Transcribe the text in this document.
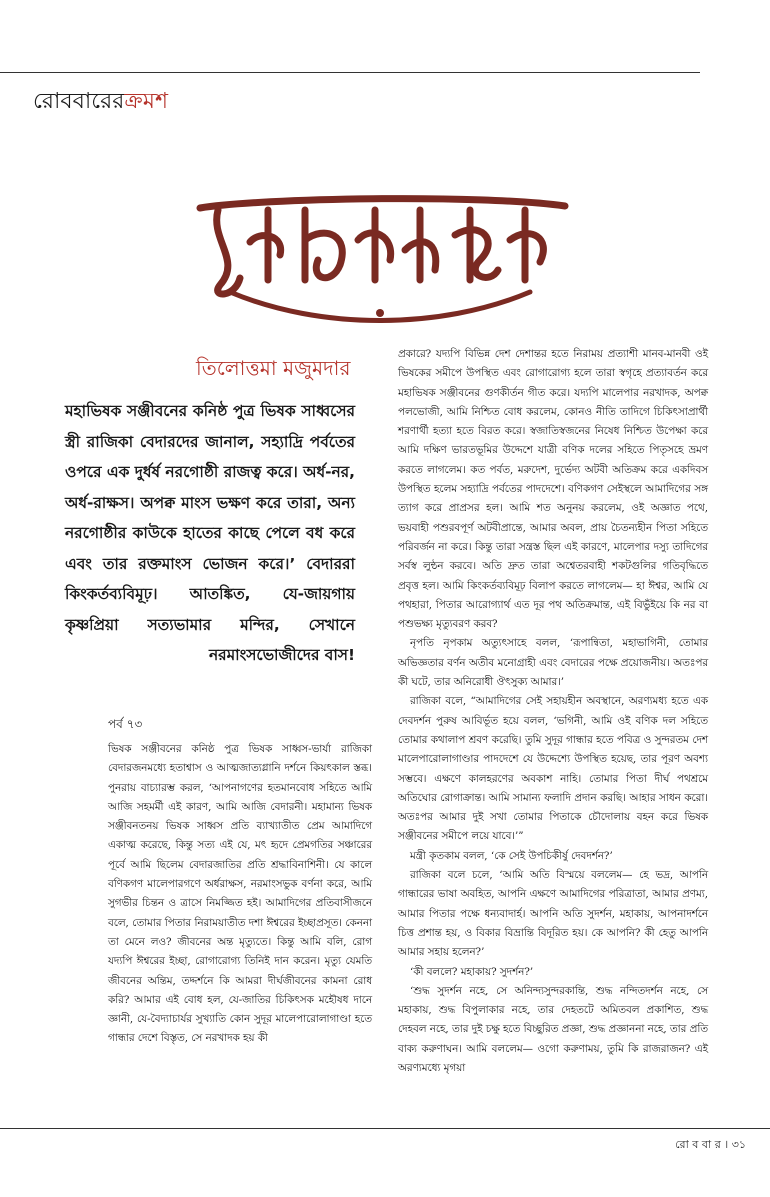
রোববারেরক্রমশ
তিলোত্তমা মজুমদার
মহাভিষক সঞ্জীবনের কনিষ্ঠ পুত্র ভিষক সাধ্বসের স্ত্রী রাজিকা বেদারদের জানাল, সহ্যাদ্রি পর্বতের ওপরে এক দুর্ধর্ষ নরগোষ্ঠী রাজত্ব করে। অর্ধ-নর, অর্ধ-রাক্ষস। অপক্ব মাংস ভক্ষণ করে তারা, অন্য নরগোষ্ঠীর কাউকে হাতের কাছে পেলে বধ করে এবং তার রক্তমাংস ভোজন করে।’ বেদাররা কিংকর্তব্যবিমূঢ়। আতঙ্কিত, যে-জায়গায় কৃষ্ণপ্রিয়া সত্যভামার মন্দির, সেখানে নরমাংসভোজীদের বাস!
পর্ব ৭৩

ভিষক সঞ্জীবনের কনিষ্ঠ পুত্র ভিষক সাধ্বস-ভার্যা রাজিকা বেদারজনমধ্যে হতাশ্বাস ও আত্মজাত্যগ্লানি দর্শনে কিয়ৎকাল স্তব্ধ। পুনরায় বাচ্যারম্ভ করল, ‘আপনাগণের হতমানবোধ সহিতে আমি আজি সহমর্মী এই কারণ, আমি আজি বেদারনী। মহামান্য ভিষক সঞ্জীবনতনয় ভিষক সাধ্বস প্রতি ব্যাখ্যাতীত প্রেম আমাদিগে একাত্ম করেছে, কিন্তু সত্য এই যে, মৎ হৃদে প্রেমগতির সঞ্চারের পূর্বে আমি ছিলেম বেদারজাতির প্রতি শ্রদ্ধাবিনাশিনী। যে কালে বণিকগণ মালেপারগণে অর্ধরাক্ষস, নরমাংসভুক বর্ণনা করে, আমি সুগভীর চিন্তন ও ত্রাসে নিমজ্জিত হই। আমাদিগের প্রতিবাসীজনে বলে, তোমার পিতার নিরাময়াতীত দশা ঈশ্বরের ইচ্ছাপ্রসূত। কেননা তা মেনে লও? জীবনের অন্ত মৃত্যুতে। কিন্তু আমি বলি, রোগ যদ্যপি ঈশ্বরের ইচ্ছা, রোগারোগ্য তিনিই দান করেন। মৃত্যু যেমতি জীবনের অন্তিম, তদ্দর্শনে কি আমরা দীর্ঘজীবনের কামনা রোধ করি? আমার এই বোধ হল, যে-জাতির চিকিৎসক মহৌষধ দানে জ্ঞানী, যে-বৈদ্যাচার্যর সুখ্যাতি কোন সুদূর মালেপারোলাগাণ্ডা হতে গান্ধার দেশে বিস্তৃত, সে নরখাদক হয় কী

প্রকারে? যদ্যপি বিভিন্ন দেশ দেশান্তর হতে নিরাময় প্রত্যাশী মানব-মানবী ওই ভিষকের সমীপে উপস্থিত এবং রোগারোগ্য হলে তারা স্বগৃহে প্রত্যাবর্তন করে মহাভিষক সঞ্জীবনের গুণকীর্তন গীত করে। যদ্যপি মালেপার নরখাদক, অপক্ব পলভোজী, আমি নিশ্চিত বোধ করলেম, কোনও নীতি তাদিগে চিকিৎসাপ্রার্থী শরণার্থী হত্যা হতে বিরত করে। স্বজাতিস্বজনের নিষেধ নিশ্চিত উপেক্ষা করে আমি দক্ষিণ ভারতভূমির উদ্দেশে যাত্রী বণিক দলের সহিতে পিতৃসহে ভ্রমণ করতে লাগলেম। কত পর্বত, মরুদেশ, দুর্ভেদ্য অটবী অতিক্রম করে একদিবস উপস্থিত হলেম সহ্যাদ্রি পর্বতের পাদদেশে। বণিকগণ সেইস্থলে আমাদিগের সঙ্গ ত্যাগ করে প্রাপ্রসর হল। আমি শত অনুনয় করলেম, ওই অজ্ঞাত পথে, ভয়বাহী পশুরবপূর্ণ অটবীপ্রান্তে, আমার অবল, প্রায় চৈতন্যহীন পিতা সহিতে পরিবর্জন না করে। কিন্তু তারা সন্ত্রস্ত ছিল এই কারণে, মালেপার দস্যু তাদিগের সর্বস্ব লুন্ঠন করবে। অতি দ্রুত তারা অশ্বেতরবাহী শকটগুলির গতিবৃদ্ধিতে প্রবৃত্ত হল। আমি কিংকর্তব্যবিমূঢ় বিলাপ করতে লাগলেম— হা ঈশ্বর, আমি যে পথহারা, পিতার আরোগ্যার্থ এত দূর পথ অতিক্রমান্ত, এই বিভুঁইয়ে কি নর বা পশুভক্ষ্য মৃত্যুবরণ করব?

নৃপতি নৃপকাম অত্যুৎসাহে বলল, ‘রূপান্বিতা, মহাভাগিনী, তোমার অভিজ্ঞতার বর্ণন অতীব মনোগ্রাহী এবং বেদারের পক্ষে প্রয়োজনীয়। অতঃপর কী ঘটে, তার অনিরোধী ঔৎসুক্য আমার।’

রাজিকা বলে, “আমাদিগের সেই সহায়হীন অবস্থানে, অরণ্যমধ্য হতে এক দেবদর্শন পুরুষ আবির্ভূত হয়ে বলল, ‘ভগিনী, আমি ওই বণিক দল সহিতে তোমার কথালাপ শ্রবণ করেছি। তুমি সুদূর গান্ধার হতে পবিত্র ও সুন্দরতম দেশ মালেপারোলাগাণ্ডার পাদদেশে যে উদ্দেশ্যে উপস্থিত হয়েছ, তার পূরণ অবশ্য সম্ভবে। এক্ষণে কালহরণের অবকাশ নাহি। তোমার পিতা দীর্ঘ পথশ্রমে অতিঘোর রোগাক্রান্ত। আমি সামান্য ফলাদি প্রদান করছি। আহার সাধন করো। অতঃপর আমার দুই সখা তোমার পিতাকে চৌদোলায় বহন করে ভিষক সঞ্জীবনের সমীপে লয়ে যাবে।’”

মন্ত্রী কৃতকাম বলল, ‘কে সেই উপচিকীর্ষু দেবদর্শন?’

রাজিকা বলে চলে, ‘আমি অতি বিস্ময়ে বললেম— হে ভদ্র, আপনি গান্ধারের ভাষা অবহিত, আপনি এক্ষণে আমাদিগের পরিত্রাতা, আমার প্রণম্য, আমার পিতার পক্ষে ধন্যবাদার্হ। আপনি অতি সুদর্শন, মহাকায়, আপনাদর্শনে চিত্ত প্রশান্ত হয়, ও বিকার বিভ্রান্তি বিদূরিত হয়। কে আপনি? কী হেতু আপনি আমার সহায় হলেন?’

‘কী বললে? মহাকায়? সুদর্শন?’

‘শুদ্ধ সুদর্শন নহে, সে অনিন্দ্যসুন্দরকান্তি, শুদ্ধ নন্দিতদর্শন নহে, সে মহাকায়, শুদ্ধ বিপুলাকার নহে, তার দেহতটে অমিতবল প্রকাশিত, শুদ্ধ দেহবল নহে, তার দুই চক্ষু হতে বিচ্ছুরিত প্রজ্ঞা, শুদ্ধ প্রজ্ঞাননা নহে, তার প্রতি বাক্য করুণাঘন। আমি বললেম— ওগো করুণাময়, তুমি কি রাজরাজন? এই অরণ্যমধ্যে মৃগয়া

রো ব বা র । ৩১
